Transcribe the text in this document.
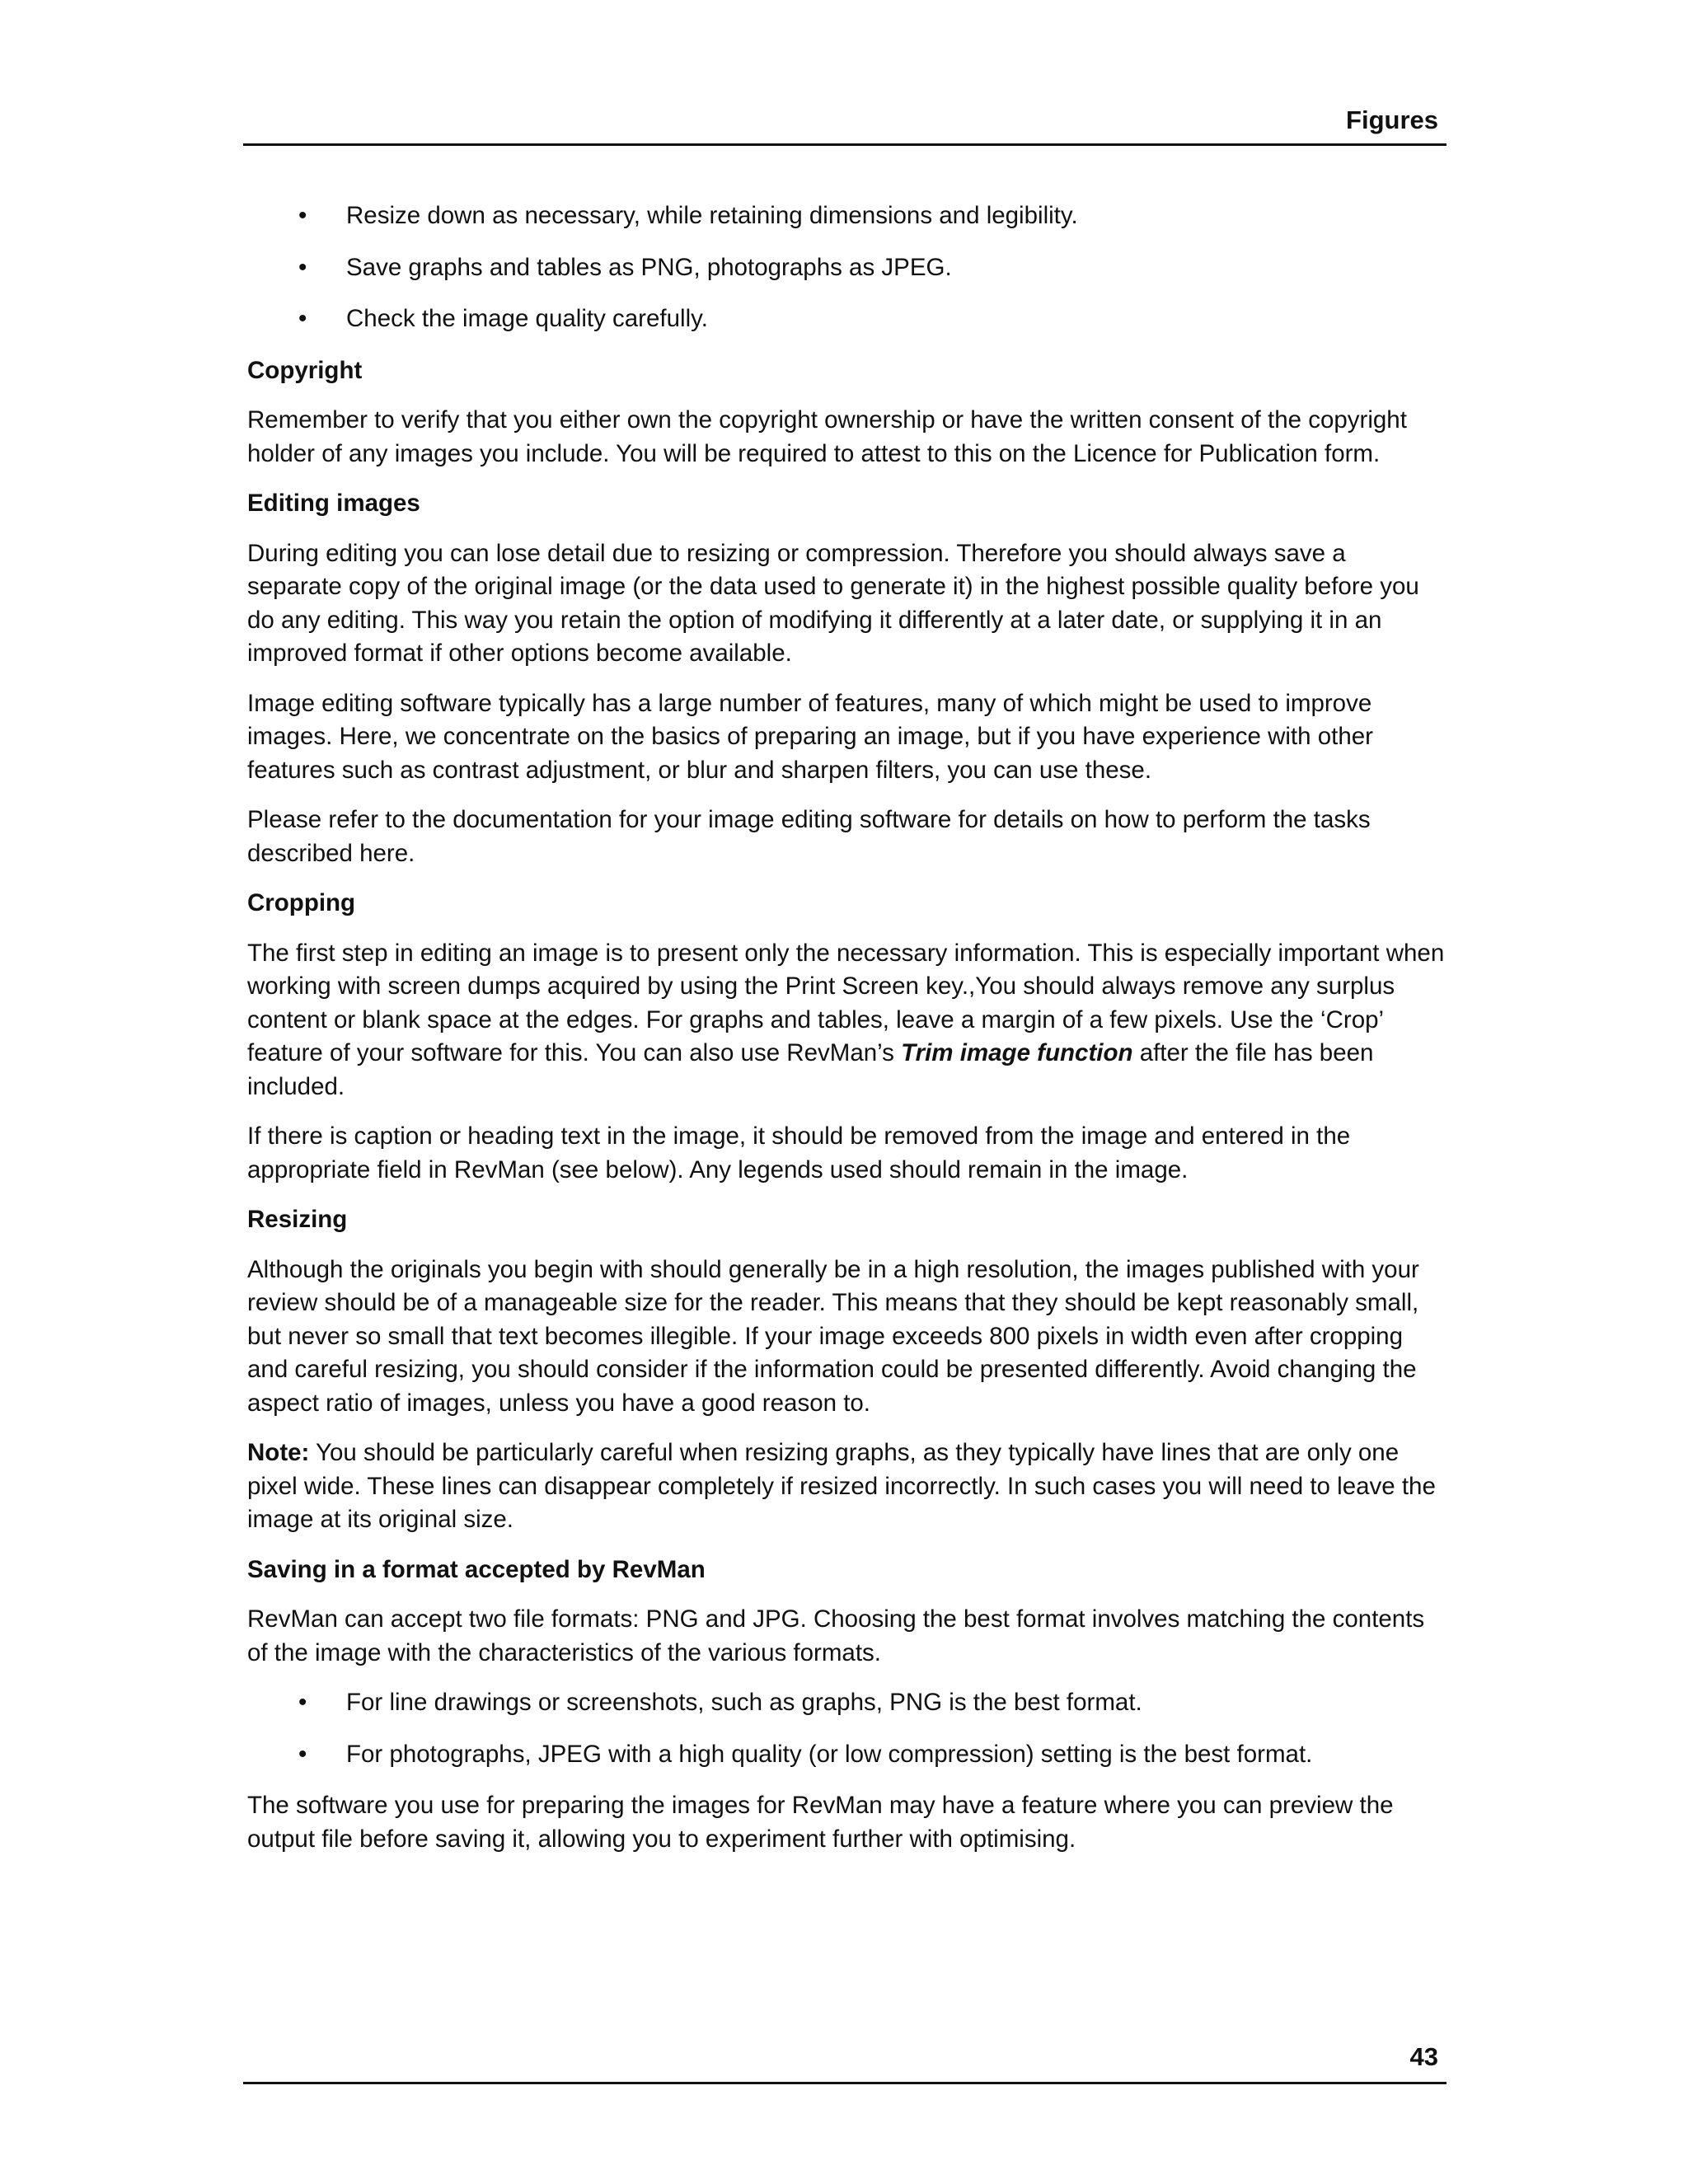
Figures
• Resize down as necessary, while retaining dimensions and legibility.
• Save graphs and tables as PNG, photographs as JPEG.
• Check the image quality carefully.
Copyright

Remember to verify that you either own the copyright ownership or have the written consent of the copyright holder of any images you include. You will be required to attest to this on the Licence for Publication form.

Editing images

During editing you can lose detail due to resizing or compression. Therefore you should always save a separate copy of the original image (or the data used to generate it) in the highest possible quality before you do any editing. This way you retain the option of modifying it differently at a later date, or supplying it in an improved format if other options become available.

Image editing software typically has a large number of features, many of which might be used to improve images. Here, we concentrate on the basics of preparing an image, but if you have experience with other features such as contrast adjustment, or blur and sharpen filters, you can use these.

Please refer to the documentation for your image editing software for details on how to perform the tasks described here.

Cropping

The first step in editing an image is to present only the necessary information. This is especially important when working with screen dumps acquired by using the Print Screen key.,You should always remove any surplus content or blank space at the edges. For graphs and tables, leave a margin of a few pixels. Use the ‘Crop’ feature of your software for this. You can also use RevMan’s Trim image function after the file has been included.

If there is caption or heading text in the image, it should be removed from the image and entered in the appropriate field in RevMan (see below). Any legends used should remain in the image.

Resizing

Although the originals you begin with should generally be in a high resolution, the images published with your review should be of a manageable size for the reader. This means that they should be kept reasonably small, but never so small that text becomes illegible. If your image exceeds 800 pixels in width even after cropping and careful resizing, you should consider if the information could be presented differently. Avoid changing the aspect ratio of images, unless you have a good reason to.

Note: You should be particularly careful when resizing graphs, as they typically have lines that are only one pixel wide. These lines can disappear completely if resized incorrectly. In such cases you will need to leave the image at its original size.

Saving in a format accepted by RevMan

RevMan can accept two file formats: PNG and JPG. Choosing the best format involves matching the contents of the image with the characteristics of the various formats.

• For line drawings or screenshots, such as graphs, PNG is the best format.
• For photographs, JPEG with a high quality (or low compression) setting is the best format.

The software you use for preparing the images for RevMan may have a feature where you can preview the output file before saving it, allowing you to experiment further with optimising.

43
